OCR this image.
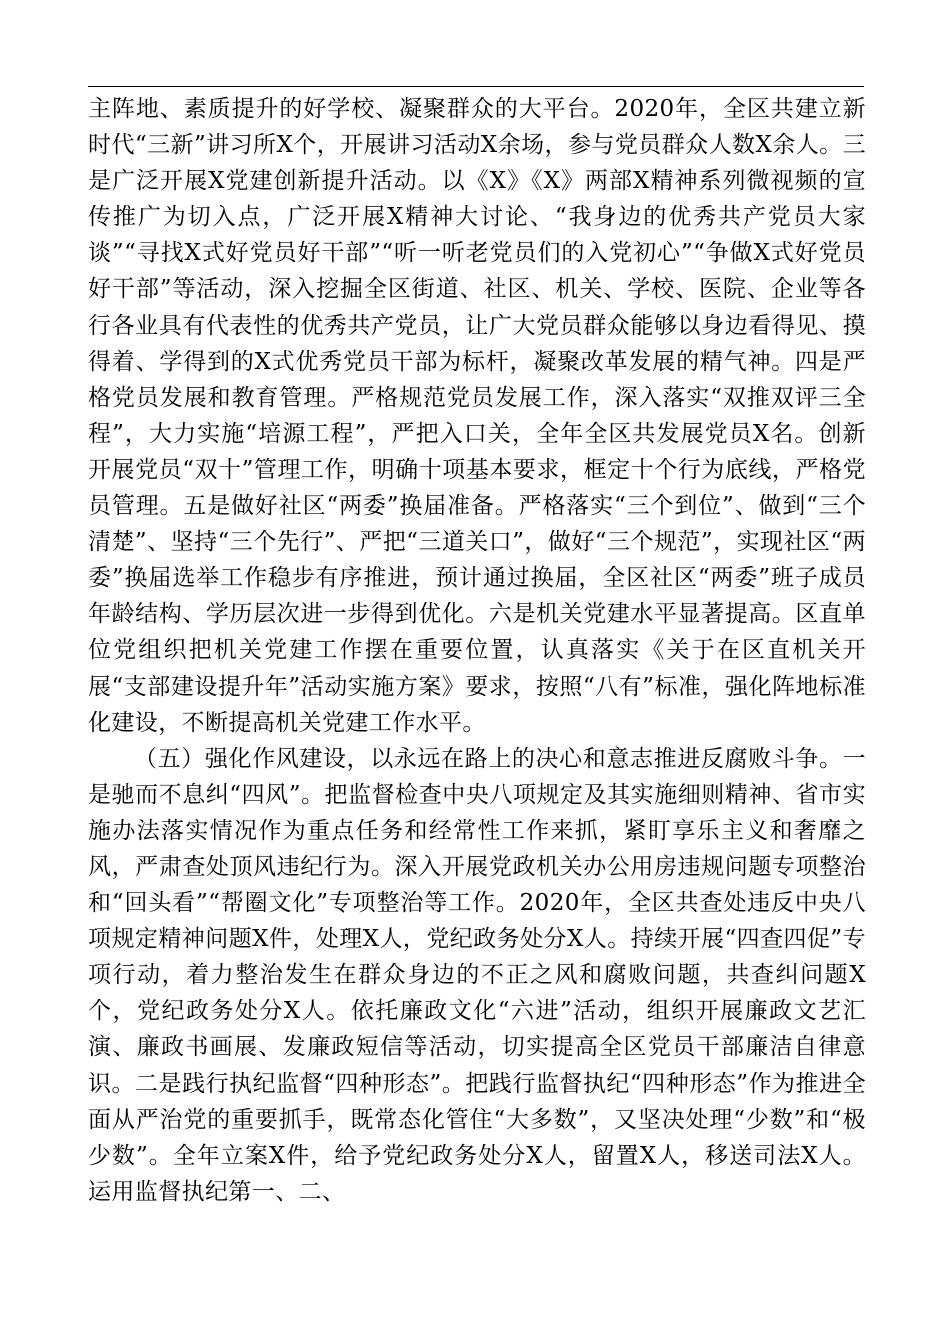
主阵地、素质提升的好学校、凝聚群众的大平台。2020年，全区共建立新时代“三新”讲习所X个，开展讲习活动X余场，参与党员群众人数X余人。三是广泛开展X党建创新提升活动。以《X》《X》两部X精神系列微视频的宣传推广为切入点，广泛开展X精神大讨论、“我身边的优秀共产党员大家谈”“寻找X式好党员好干部”“听一听老党员们的入党初心”“争做X式好党员好干部”等活动，深入挖掘全区街道、社区、机关、学校、医院、企业等各行各业具有代表性的优秀共产党员，让广大党员群众能够以身边看得见、摸得着、学得到的X式优秀党员干部为标杆，凝聚改革发展的精气神。四是严格党员发展和教育管理。严格规范党员发展工作，深入落实“双推双评三全程”，大力实施“培源工程”，严把入口关，全年全区共发展党员X名。创新开展党员“双十”管理工作，明确十项基本要求，框定十个行为底线，严格党员管理。五是做好社区“两委”换届准备。严格落实“三个到位”、做到“三个清楚”、坚持“三个先行”、严把“三道关口”，做好“三个规范”，实现社区“两委”换届选举工作稳步有序推进，预计通过换届，全区社区“两委”班子成员年龄结构、学历层次进一步得到优化。六是机关党建水平显著提高。区直单位党组织把机关党建工作摆在重要位置，认真落实《关于在区直机关开展“支部建设提升年”活动实施方案》要求，按照“八有”标准，强化阵地标准化建设，不断提高机关党建工作水平。

（五）强化作风建设，以永远在路上的决心和意志推进反腐败斗争。一是驰而不息纠“四风”。把监督检查中央八项规定及其实施细则精神、省市实施办法落实情况作为重点任务和经常性工作来抓，紧盯享乐主义和奢靡之风，严肃查处顶风违纪行为。深入开展党政机关办公用房违规问题专项整治和“回头看”“帮圈文化”专项整治等工作。2020年，全区共查处违反中央八项规定精神问题X件，处理X人，党纪政务处分X人。持续开展“四查四促”专项行动，着力整治发生在群众身边的不正之风和腐败问题，共查纠问题X个，党纪政务处分X人。依托廉政文化“六进”活动，组织开展廉政文艺汇演、廉政书画展、发廉政短信等活动，切实提高全区党员干部廉洁自律意识。二是践行执纪监督“四种形态”。把践行监督执纪“四种形态”作为推进全面从严治党的重要抓手，既常态化管住“大多数”，又坚决处理“少数”和“极少数”。全年立案X件，给予党纪政务处分X人，留置X人，移送司法X人。运用监督执纪第一、二、
